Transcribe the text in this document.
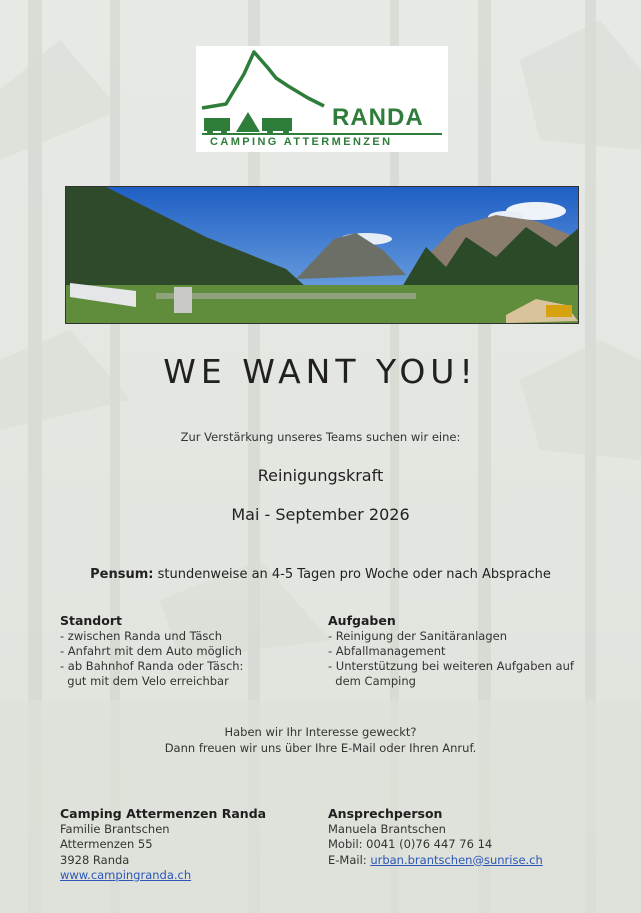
RANDA
CAMPING ATTERMENZEN
WE WANT YOU!
Zur Verstärkung unseres Teams suchen wir eine:
Reinigungskraft
Mai - September 2026
Pensum: stundenweise an 4-5 Tagen pro Woche oder nach Absprache
Standort
- zwischen Randa und Täsch
- Anfahrt mit dem Auto möglich
- ab Bahnhof Randa oder Täsch:
gut mit dem Velo erreichbar
Aufgaben
- Reinigung der Sanitäranlagen
- Abfallmanagement
- Unterstützung bei weiteren Aufgaben auf
dem Camping
Haben wir Ihr Interesse geweckt?
Dann freuen wir uns über Ihre E-Mail oder Ihren Anruf.
Camping Attermenzen Randa
Familie Brantschen
Attermenzen 55
3928 Randa
www.campingranda.ch
Ansprechperson
Manuela Brantschen
Mobil: 0041 (0)76 447 76 14
E-Mail: urban.brantschen@sunrise.ch
